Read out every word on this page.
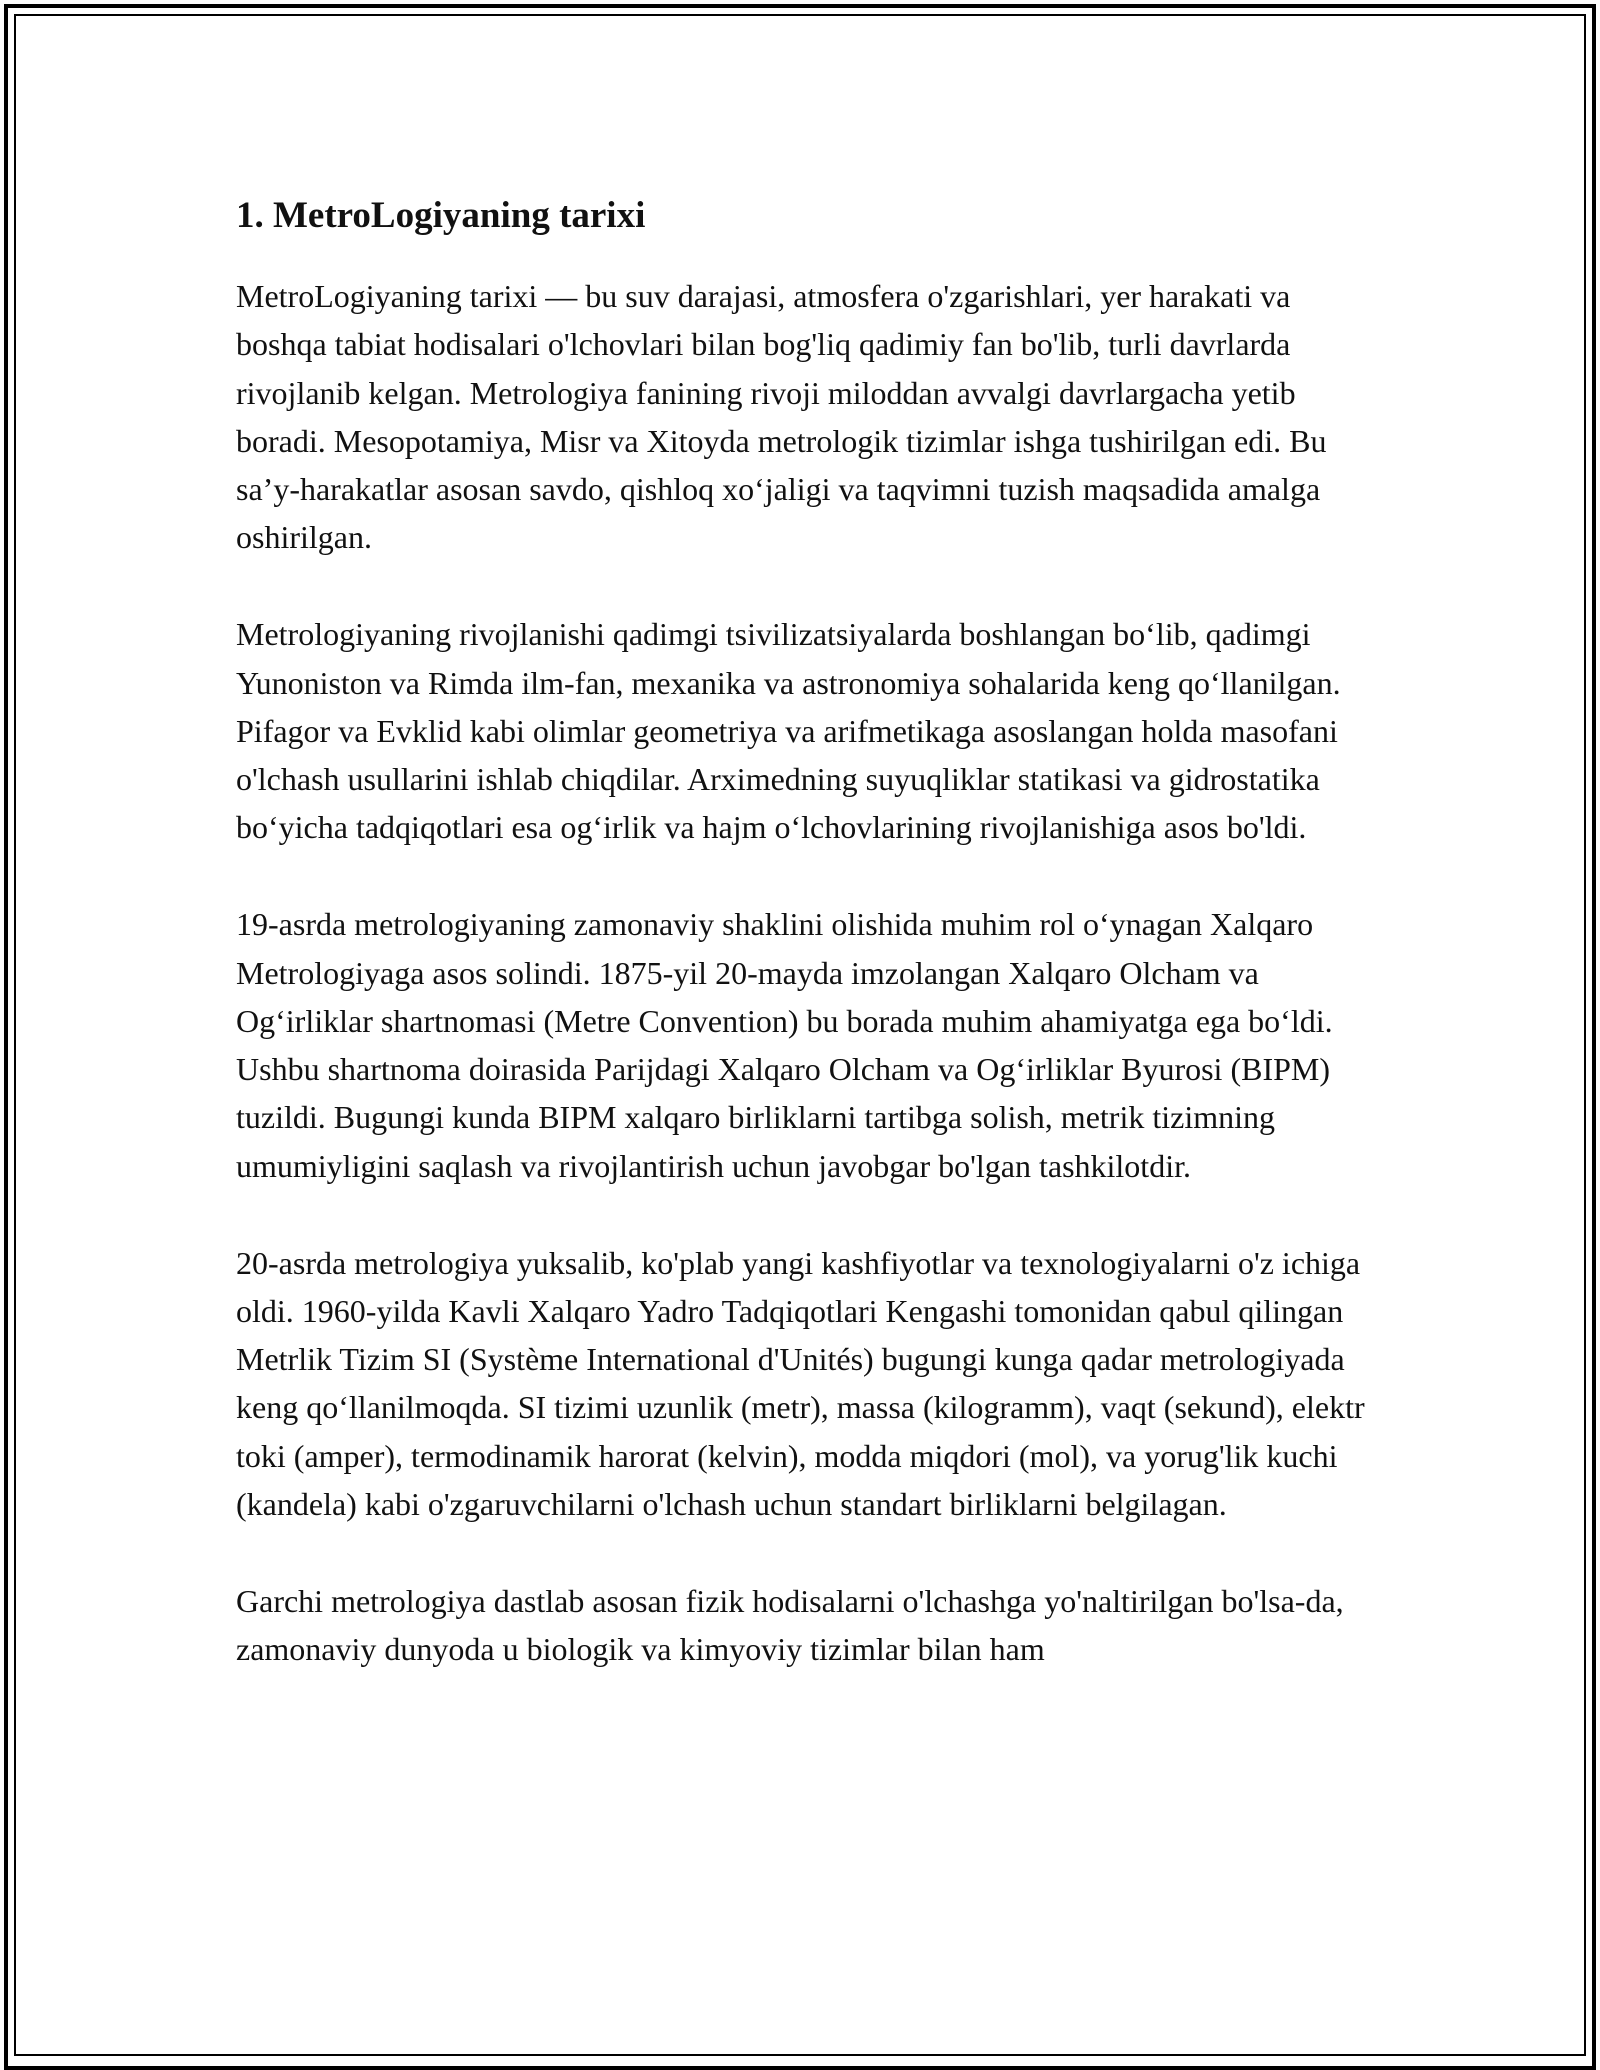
1. MetroLogiyaning tarixi

MetroLogiyaning tarixi — bu suv darajasi, atmosfera o'zgarishlari, yer harakati va boshqa tabiat hodisalari o'lchovlari bilan bog'liq qadimiy fan bo'lib, turli davrlarda rivojlanib kelgan. Metrologiya fanining rivoji miloddan avvalgi davrlargacha yetib boradi. Mesopotamiya, Misr va Xitoyda metrologik tizimlar ishga tushirilgan edi. Bu sa’y-harakatlar asosan savdo, qishloq xo‘jaligi va taqvimni tuzish maqsadida amalga oshirilgan.

Metrologiyaning rivojlanishi qadimgi tsivilizatsiyalarda boshlangan bo‘lib, qadimgi Yunoniston va Rimda ilm-fan, mexanika va astronomiya sohalarida keng qo‘llanilgan. Pifagor va Evklid kabi olimlar geometriya va arifmetikaga asoslangan holda masofani o'lchash usullarini ishlab chiqdilar. Arximedning suyuqliklar statikasi va gidrostatika bo‘yicha tadqiqotlari esa og‘irlik va hajm o‘lchovlarining rivojlanishiga asos bo'ldi.

19-asrda metrologiyaning zamonaviy shaklini olishida muhim rol o‘ynagan Xalqaro Metrologiyaga asos solindi. 1875-yil 20-mayda imzolangan Xalqaro Olcham va Og‘irliklar shartnomasi (Metre Convention) bu borada muhim ahamiyatga ega bo‘ldi. Ushbu shartnoma doirasida Parijdagi Xalqaro Olcham va Og‘irliklar Byurosi (BIPM) tuzildi. Bugungi kunda BIPM xalqaro birliklarni tartibga solish, metrik tizimning umumiyligini saqlash va rivojlantirish uchun javobgar bo'lgan tashkilotdir.

20-asrda metrologiya yuksalib, ko'plab yangi kashfiyotlar va texnologiyalarni o'z ichiga oldi. 1960-yilda Kavli Xalqaro Yadro Tadqiqotlari Kengashi tomonidan qabul qilingan Metrlik Tizim SI (Système International d'Unités) bugungi kunga qadar metrologiyada keng qo‘llanilmoqda. SI tizimi uzunlik (metr), massa (kilogramm), vaqt (sekund), elektr toki (amper), termodinamik harorat (kelvin), modda miqdori (mol), va yorug'lik kuchi (kandela) kabi o'zgaruvchilarni o'lchash uchun standart birliklarni belgilagan.

Garchi metrologiya dastlab asosan fizik hodisalarni o'lchashga yo'naltirilgan bo'lsa-da, zamonaviy dunyoda u biologik va kimyoviy tizimlar bilan ham
